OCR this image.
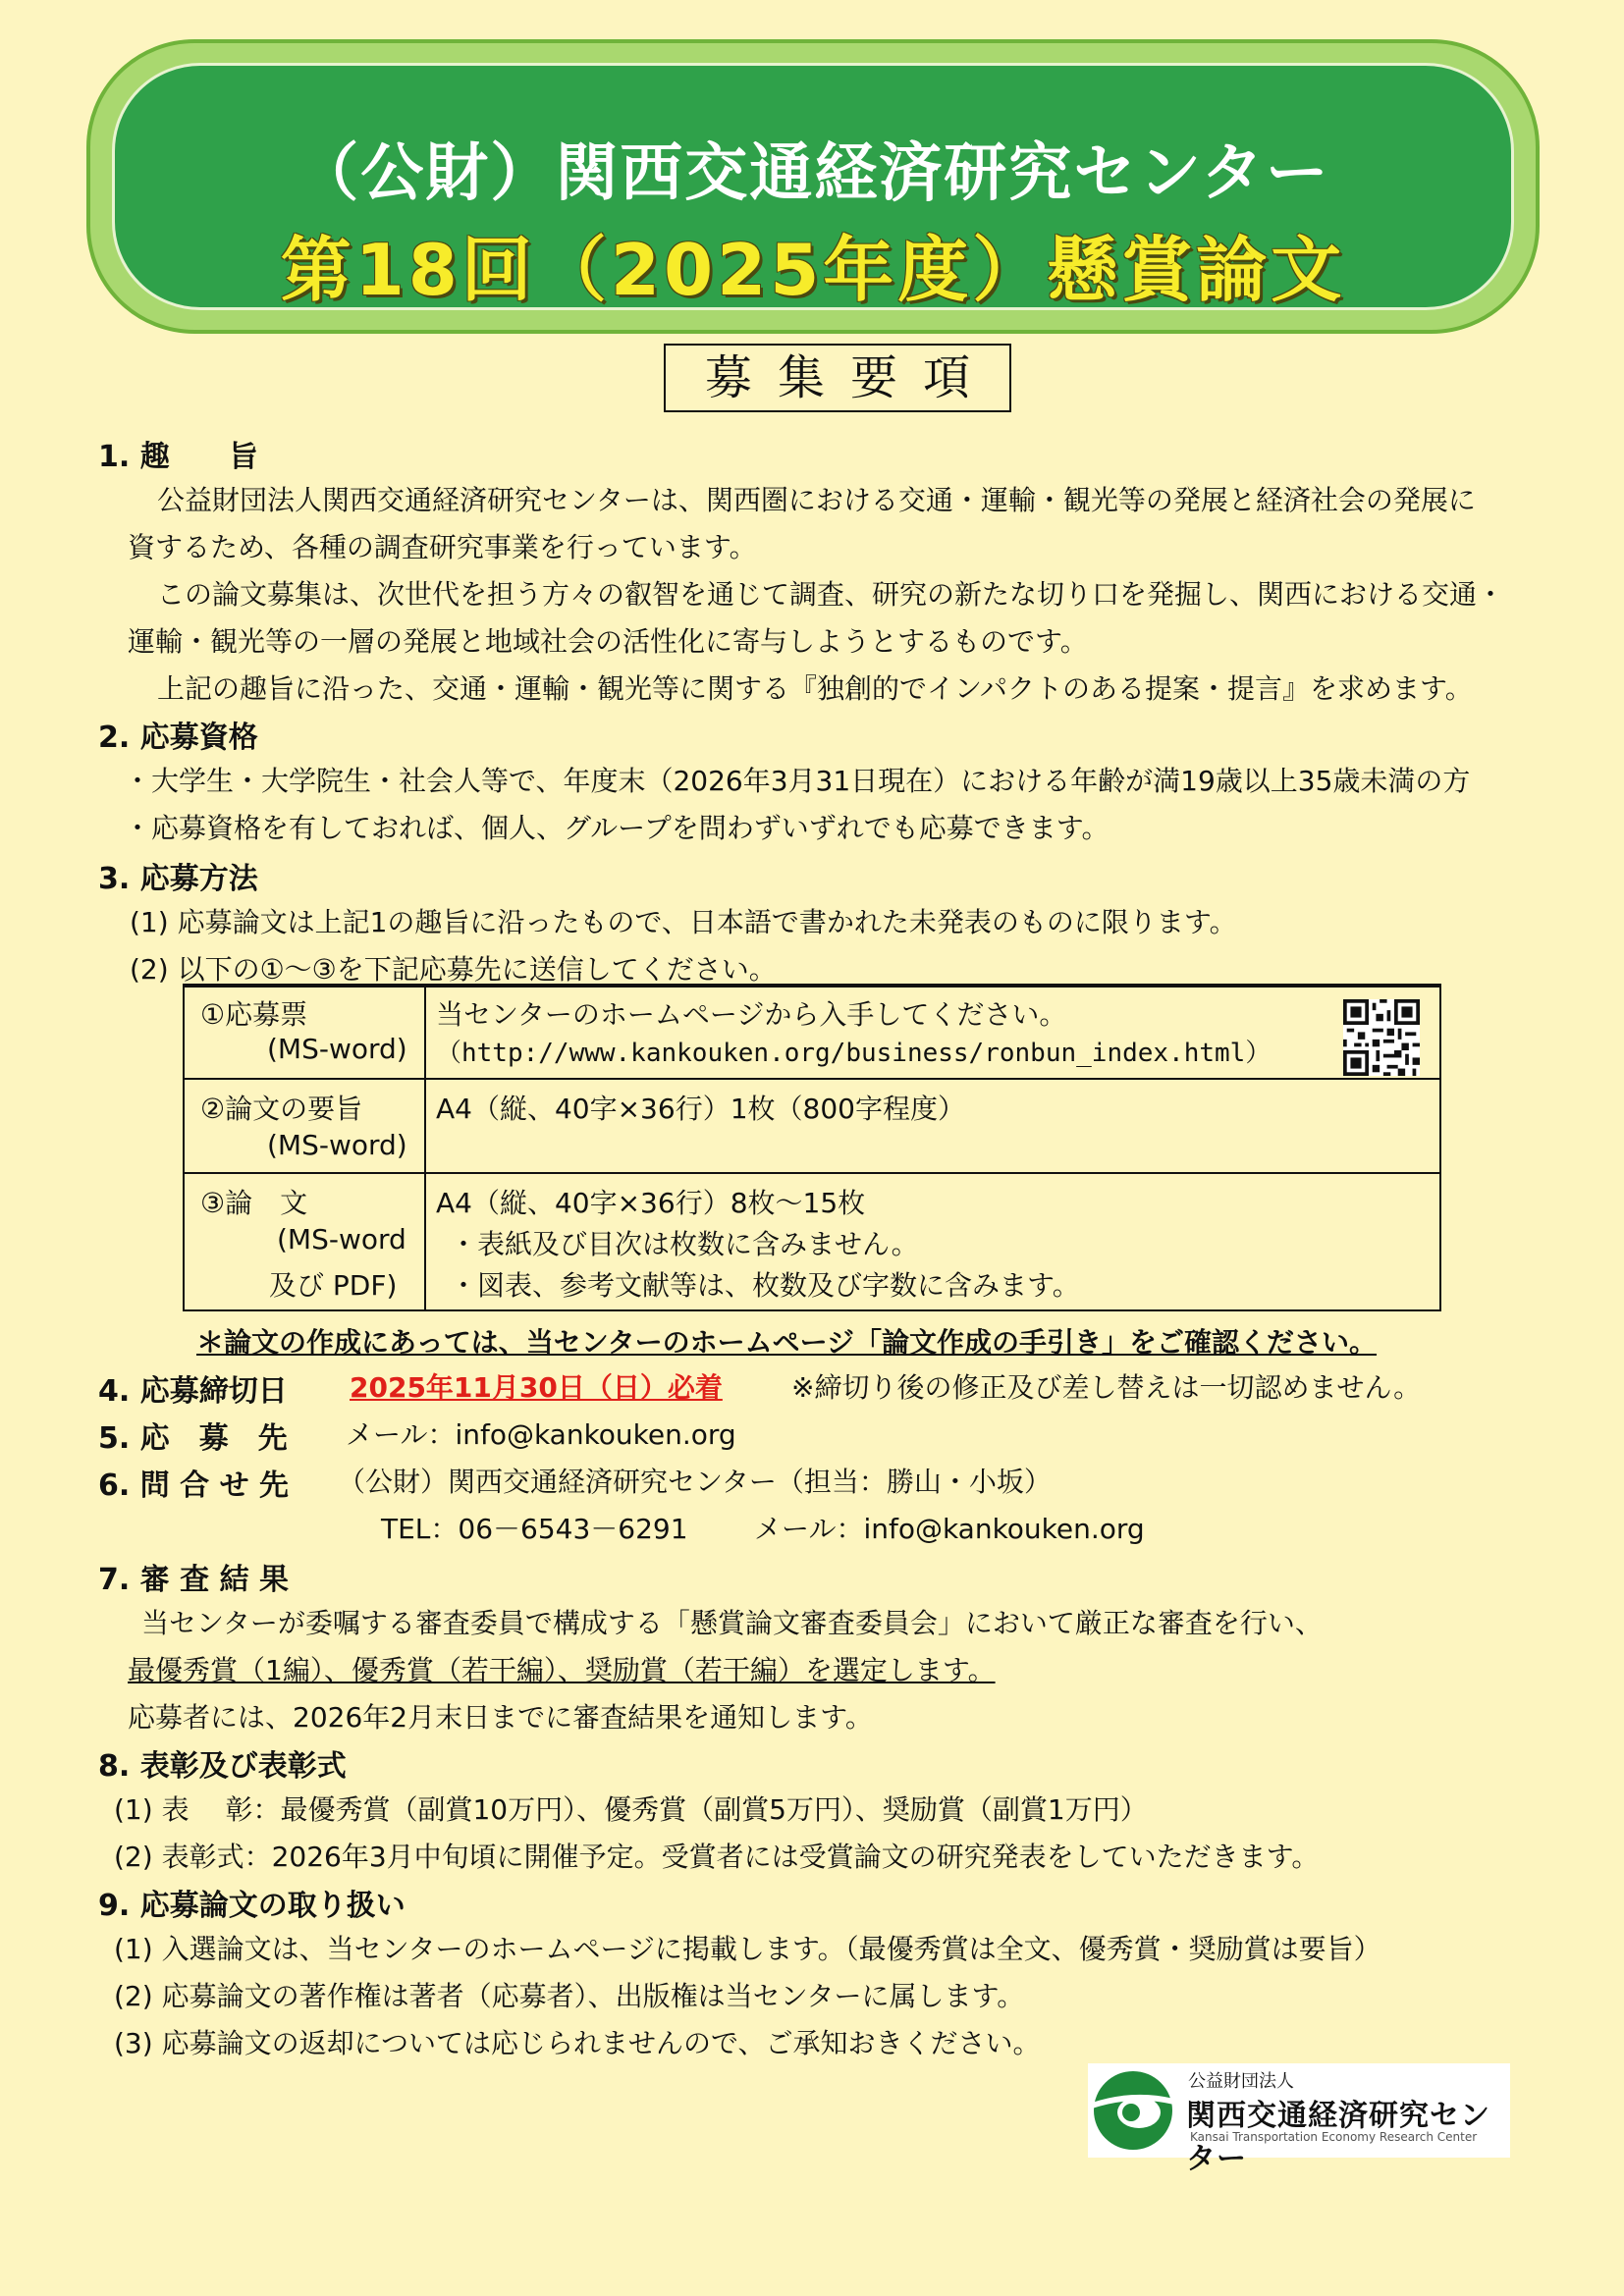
（公財）関西交通経済研究センター
第18回（2025年度）懸賞論文
募集要項
1. 趣　　旨
公益財団法人関西交通経済研究センターは、関西圏における交通・運輸・観光等の発展と経済社会の発展に
資するため、各種の調査研究事業を行っています。
この論文募集は、次世代を担う方々の叡智を通じて調査、研究の新たな切り口を発掘し、関西における交通・
運輸・観光等の一層の発展と地域社会の活性化に寄与しようとするものです。
上記の趣旨に沿った、交通・運輸・観光等に関する『独創的でインパクトのある提案・提言』を求めます。
2. 応募資格
・大学生・大学院生・社会人等で、年度末（2026年3月31日現在）における年齢が満19歳以上35歳未満の方
・応募資格を有しておれば、個人、グループを問わずいずれでも応募できます。
3. 応募方法
(1) 応募論文は上記1の趣旨に沿ったもので、日本語で書かれた未発表のものに限ります。
(2) 以下の①～③を下記応募先に送信してください。
①応募票
(MS-word)
当センターのホームページから入手してください。
（http://www.kankouken.org/business/ronbun_index.html）
②論文の要旨
(MS-word)
A4（縦、40字×36行）1枚（800字程度）
③論　文
(MS-word
及び PDF)
A4（縦、40字×36行）8枚～15枚
・表紙及び目次は枚数に含みません。
・図表、参考文献等は、枚数及び字数に含みます。
＊論文の作成にあっては、当センターのホームページ「論文作成の手引き」をご確認ください。
4. 応募締切日 2025年11月30日（日）必着	※締切り後の修正及び差し替えは一切認めません。
5. 応　募　先 メール：info@kankouken.org
6. 問 合 せ 先 （公財）関西交通経済研究センター（担当：勝山・小坂）
TEL：06－6543－6291 メール：info@kankouken.org
7. 審 査 結 果
当センターが委嘱する審査委員で構成する「懸賞論文審査委員会」において厳正な審査を行い、
最優秀賞（1編）、優秀賞（若干編）、奨励賞（若干編）を選定します。
応募者には、2026年2月末日までに審査結果を通知します。
8. 表彰及び表彰式
(1) 表　 彰：最優秀賞（副賞10万円）、優秀賞（副賞5万円）、奨励賞（副賞1万円）
(2) 表彰式：2026年3月中旬頃に開催予定。受賞者には受賞論文の研究発表をしていただきます。
9. 応募論文の取り扱い
(1) 入選論文は、当センターのホームページに掲載します。（最優秀賞は全文、優秀賞・奨励賞は要旨）
(2) 応募論文の著作権は著者（応募者）、出版権は当センターに属します。
(3) 応募論文の返却については応じられませんので、ご承知おきください。
公益財団法人
関西交通経済研究センター
Kansai Transportation Economy Research Center
